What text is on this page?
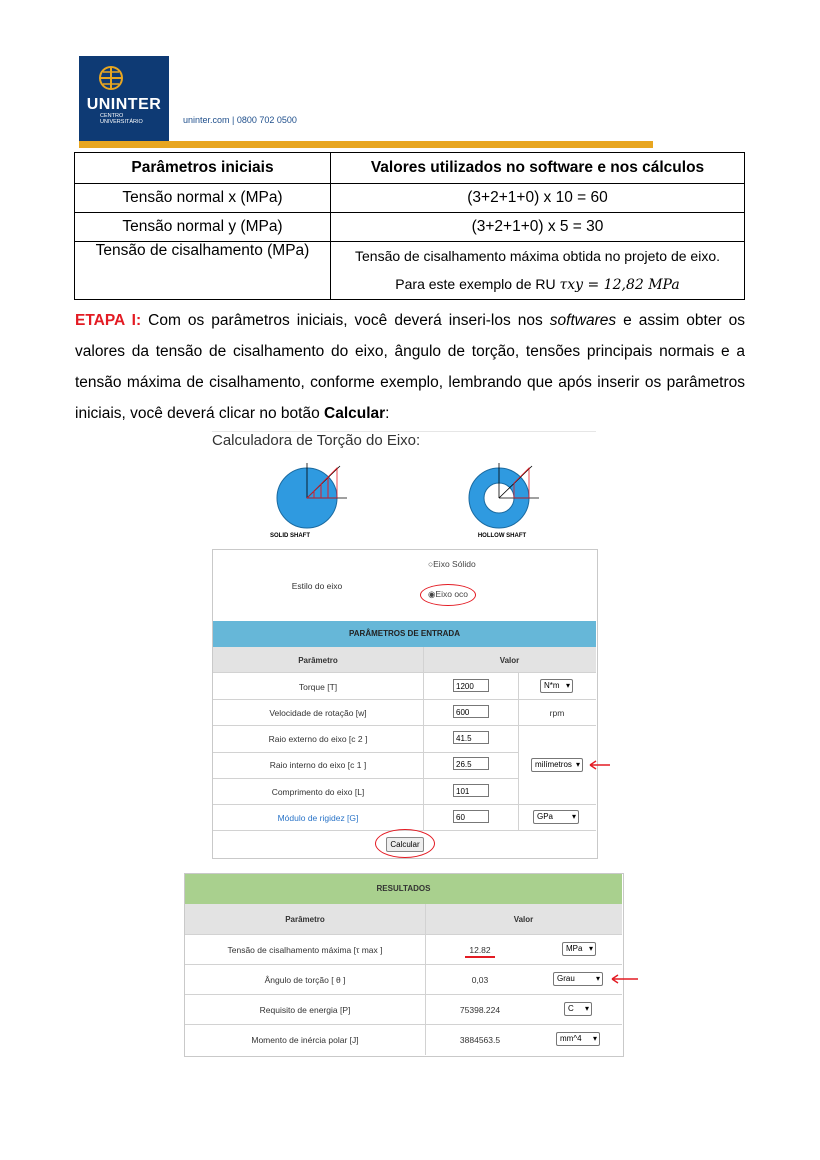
UNINTER
CENTRO UNIVERSITÁRIO	uninter.com | 0800 702 0500
Parâmetros iniciais	Valores utilizados no software e nos cálculos
Tensão normal x (MPa)	(3+2+1+0) x 10 = 60
Tensão normal y (MPa)	(3+2+1+0) x 5 = 30
Tensão de cisalhamento (MPa)	Tensão de cisalhamento máxima obtida no projeto de eixo.
Para este exemplo de RU τxy = 12,82 MPa
ETAPA I: Com os parâmetros iniciais, você deverá inseri-los nos softwares e assim obter os valores da tensão de cisalhamento do eixo, ângulo de torção, tensões principais normais e a tensão máxima de cisalhamento, conforme exemplo, lembrando que após inserir os parâmetros iniciais, você deverá clicar no botão Calcular:
Calculadora de Torção do Eixo:
SOLID SHAFT	HOLLOW SHAFT
Estilo do eixo
○Eixo Sólido
◉Eixo oco
PARÂMETROS DE ENTRADA
Parâmetro	Valor
Torque [T]	1200	N*m ▾
Velocidade de rotação [w]	600	rpm
Raio externo do eixo [c 2 ]	41.5
Raio interno do eixo [c 1 ]	26.5	milímetros ▾
Comprimento do eixo [L]	101
Módulo de rigidez [G]	60	GPa ▾
Calcular
RESULTADOS
Parâmetro	Valor
Tensão de cisalhamento máxima [τ max ]	12.82	MPa ▾
Ângulo de torção [ θ ]	0,03	Grau ▾
Requisito de energia [P]	75398.224	C ▾
Momento de inércia polar [J]	3884563.5	mm^4 ▾
